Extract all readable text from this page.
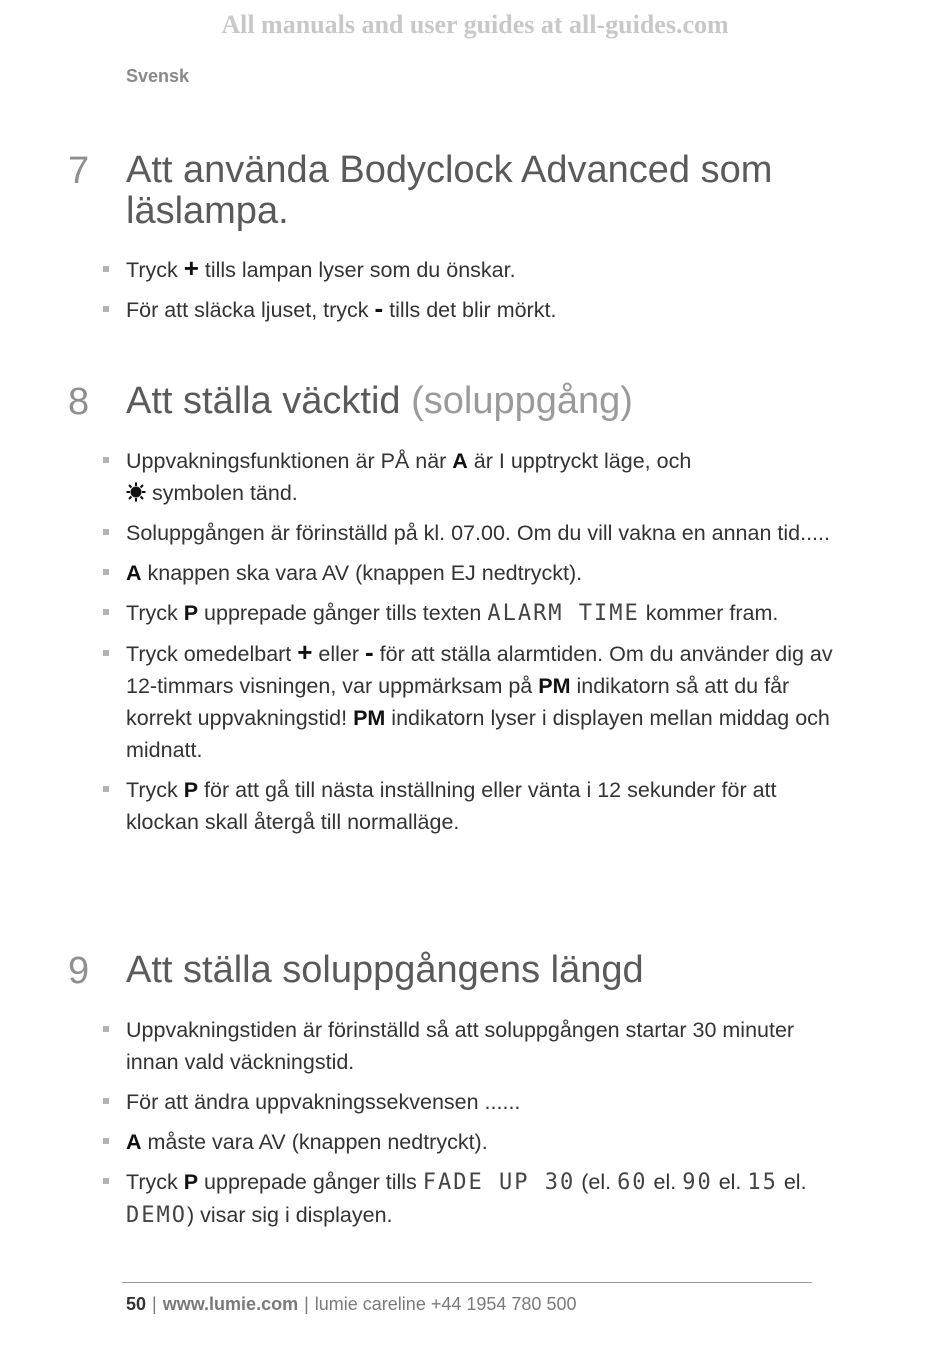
All manuals and user guides at all-guides.com
Svensk
7 Att använda Bodyclock Advanced som
läslampa.
Tryck + tills lampan lyser som du önskar.
För att släcka ljuset, tryck - tills det blir mörkt.
8 Att ställa väcktid (soluppgång)
Uppvakningsfunktionen är PÅ när A är I upptryckt läge, och
symbolen tänd.
Soluppgången är förinställd på kl. 07.00. Om du vill vakna en annan tid.....
A knappen ska vara AV (knappen EJ nedtryckt).
Tryck P upprepade gånger tills texten ALARM TIME kommer fram.
Tryck omedelbart + eller - för att ställa alarmtiden. Om du använder dig av 12-timmars visningen, var uppmärksam på PM indikatorn så att du får korrekt uppvakningstid! PM indikatorn lyser i displayen mellan middag och midnatt.
Tryck P för att gå till nästa inställning eller vänta i 12 sekunder för att klockan skall återgå till normalläge.
9 Att ställa soluppgångens längd
Uppvakningstiden är förinställd så att soluppgången startar 30 minuter innan vald väckningstid.
För att ändra uppvakningssekvensen ......
A måste vara AV (knappen nedtryckt).
Tryck P upprepade gånger tills FADE UP 30 (el. 60 el. 90 el. 15 el. DEMO) visar sig i displayen.
50 | www.lumie.com | lumie careline +44 1954 780 500
